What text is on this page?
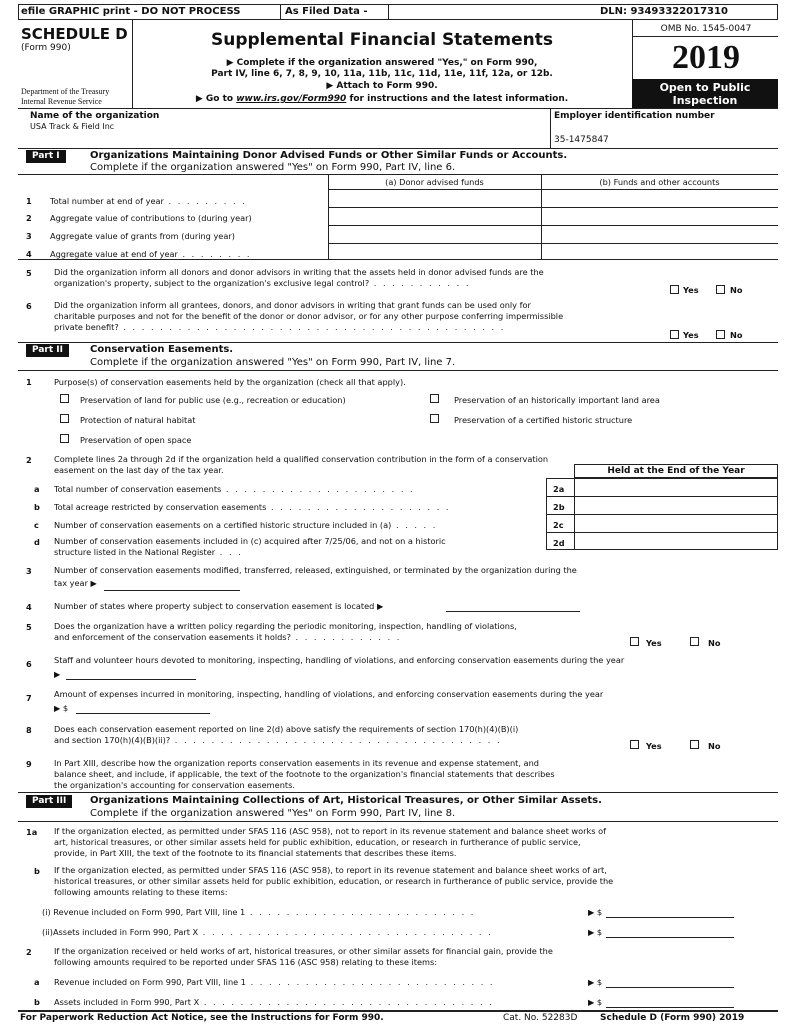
efile GRAPHIC print - DO NOT PROCESS	As Filed Data -	DLN: 93493322017310
SCHEDULE D
(Form 990)
Department of the Treasury
Internal Revenue Service
Supplemental Financial Statements
▶ Complete if the organization answered "Yes," on Form 990,
Part IV, line 6, 7, 8, 9, 10, 11a, 11b, 11c, 11d, 11e, 11f, 12a, or 12b.
▶ Attach to Form 990.
▶ Go to www.irs.gov/Form990 for instructions and the latest information.
OMB No. 1545-0047
2019
Open to Public
Inspection
Name of the organization
USA Track & Field Inc
Employer identification number
35-1475847
Part I	Organizations Maintaining Donor Advised Funds or Other Similar Funds or Accounts.
Complete if the organization answered "Yes" on Form 990, Part IV, line 6.
(a) Donor advised funds	(b) Funds and other accounts
1 Total number at end of year . . . . . . . . .
2 Aggregate value of contributions to (during year)
3 Aggregate value of grants from (during year)
4 Aggregate value at end of year . . . . . . . .
5	Did the organization inform all donors and donor advisors in writing that the assets held in donor advised funds are the
organization's property, subject to the organization's exclusive legal control? . . . . . . . . . . .
Yes	No
6	Did the organization inform all grantees, donors, and donor advisors in writing that grant funds can be used only for
charitable purposes and not for the benefit of the donor or donor advisor, or for any other purpose conferring impermissible
private benefit? . . . . . . . . . . . . . . . . . . . . . . . . . . . . . . . . . . . . . . . . . .
Yes	No
Part II	Conservation Easements.
Complete if the organization answered "Yes" on Form 990, Part IV, line 7.
1	Purpose(s) of conservation easements held by the organization (check all that apply).
Preservation of land for public use (e.g., recreation or education)	Preservation of an historically important land area
Protection of natural habitat	Preservation of a certified historic structure
Preservation of open space
2	Complete lines 2a through 2d if the organization held a qualified conservation contribution in the form of a conservation
easement on the last day of the tax year.	Held at the End of the Year
a Total number of conservation easements . . . . . . . . . . . . . . . . . . . . .	2a
b Total acreage restricted by conservation easements . . . . . . . . . . . . . . . . . . . .	2b
c Number of conservation easements on a certified historic structure included in (a) . . . . .	2c
d Number of conservation easements included in (c) acquired after 7/25/06, and not on a historic
structure listed in the National Register . . .
2d
3	Number of conservation easements modified, transferred, released, extinguished, or terminated by the organization during the
tax year ▶
4	Number of states where property subject to conservation easement is located ▶
5	Does the organization have a written policy regarding the periodic monitoring, inspection, handling of violations,
and enforcement of the conservation easements it holds? . . . . . . . . . . . .
Yes	No
6	Staff and volunteer hours devoted to monitoring, inspecting, handling of violations, and enforcing conservation easements during the year
▶
7	Amount of expenses incurred in monitoring, inspecting, handling of violations, and enforcing conservation easements during the year
▶ $
8	Does each conservation easement reported on line 2(d) above satisfy the requirements of section 170(h)(4)(B)(i)
and section 170(h)(4)(B)(ii)? . . . . . . . . . . . . . . . . . . . . . . . . . . . . . . . . . . . .
Yes	No
9	In Part XIII, describe how the organization reports conservation easements in its revenue and expense statement, and
balance sheet, and include, if applicable, the text of the footnote to the organization's financial statements that describes
the organization's accounting for conservation easements.
Part III	Organizations Maintaining Collections of Art, Historical Treasures, or Other Similar Assets.
Complete if the organization answered "Yes" on Form 990, Part IV, line 8.
1a If the organization elected, as permitted under SFAS 116 (ASC 958), not to report in its revenue statement and balance sheet works of
art, historical treasures, or other similar assets held for public exhibition, education, or research in furtherance of public service,
provide, in Part XIII, the text of the footnote to its financial statements that describes these items.
b If the organization elected, as permitted under SFAS 116 (ASC 958), to report in its revenue statement and balance sheet works of art,
historical treasures, or other similar assets held for public exhibition, education, or research in furtherance of public service, provide the
following amounts relating to these items:
(i) Revenue included on Form 990, Part VIII, line 1 . . . . . . . . . . . . . . . . . . . . . . . . .	▶ $
(ii)Assets included in Form 990, Part X . . . . . . . . . . . . . . . . . . . . . . . . . . . . . . . .	▶ $
2	If the organization received or held works of art, historical treasures, or other similar assets for financial gain, provide the
following amounts required to be reported under SFAS 116 (ASC 958) relating to these items:
a Revenue included on Form 990, Part VIII, line 1 . . . . . . . . . . . . . . . . . . . . . . . . . . .	▶ $
b Assets included in Form 990, Part X . . . . . . . . . . . . . . . . . . . . . . . . . . . . . . . .	▶ $
For Paperwork Reduction Act Notice, see the Instructions for Form 990.	Cat. No. 52283D	Schedule D (Form 990) 2019
